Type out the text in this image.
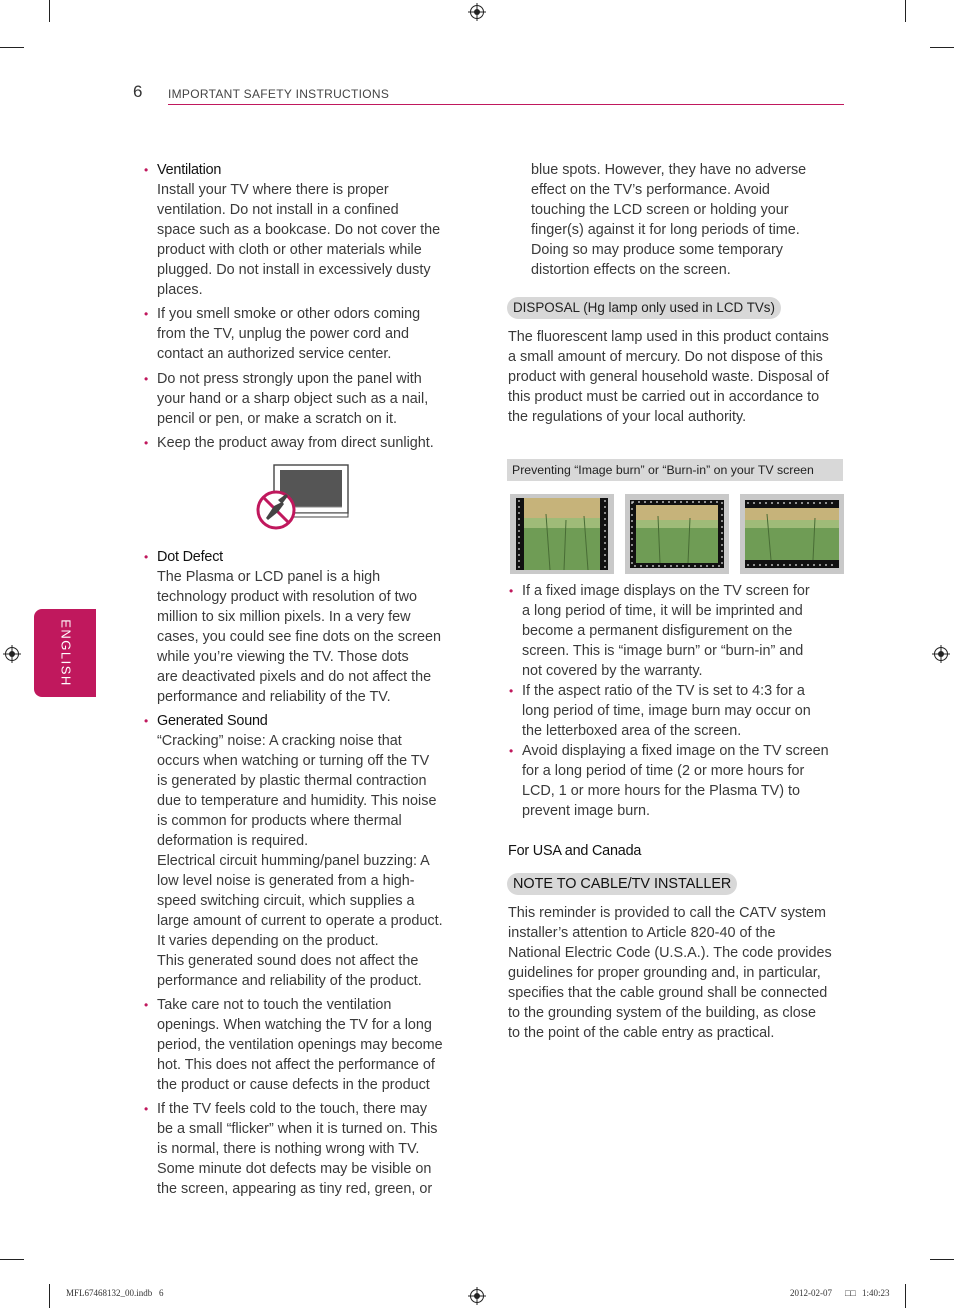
6 IMPORTANT SAFETY INSTRUCTIONS
ENGLISH
• Ventilation
Install your TV where there is proper
ventilation. Do not install in a confined
space such as a bookcase. Do not cover the
product with cloth or other materials while
plugged. Do not install in excessively dusty
places.
• If you smell smoke or other odors coming
from the TV, unplug the power cord and
contact an authorized service center.
• Do not press strongly upon the panel with
your hand or a sharp object such as a nail,
pencil or pen, or make a scratch on it.
• Keep the product away from direct sunlight.
• Dot Defect
The Plasma or LCD panel is a high
technology product with resolution of two
million to six million pixels. In a very few
cases, you could see fine dots on the screen
while you’re viewing the TV. Those dots
are deactivated pixels and do not affect the
performance and reliability of the TV.
• Generated Sound
“Cracking” noise: A cracking noise that
occurs when watching or turning off the TV
is generated by plastic thermal contraction
due to temperature and humidity. This noise
is common for products where thermal
deformation is required.
Electrical circuit humming/panel buzzing: A
low level noise is generated from a high-
speed switching circuit, which supplies a
large amount of current to operate a product.
It varies depending on the product.
This generated sound does not affect the
performance and reliability of the product.
• Take care not to touch the ventilation
openings. When watching the TV for a long
period, the ventilation openings may become
hot. This does not affect the performance of
the product or cause defects in the product
• If the TV feels cold to the touch, there may
be a small “flicker” when it is turned on. This
is normal, there is nothing wrong with TV.
Some minute dot defects may be visible on
the screen, appearing as tiny red, green, or
blue spots. However, they have no adverse
effect on the TV’s performance. Avoid
touching the LCD screen or holding your
finger(s) against it for long periods of time.
Doing so may produce some temporary
distortion effects on the screen.
DISPOSAL (Hg lamp only used in LCD TVs)
The fluorescent lamp used in this product contains
a small amount of mercury. Do not dispose of this
product with general household waste. Disposal of
this product must be carried out in accordance to
the regulations of your local authority.
Preventing “Image burn” or “Burn-in” on your TV screen
• If a fixed image displays on the TV screen for
a long period of time, it will be imprinted and
become a permanent disfigurement on the
screen. This is “image burn” or “burn-in” and
not covered by the warranty.
• If the aspect ratio of the TV is set to 4:3 for a
long period of time, image burn may occur on
the letterboxed area of the screen.
• Avoid displaying a fixed image on the TV screen
for a long period of time (2 or more hours for
LCD, 1 or more hours for the Plasma TV) to
prevent image burn.
For USA and Canada
NOTE TO CABLE/TV INSTALLER
This reminder is provided to call the CATV system
installer’s attention to Article 820-40 of the
National Electric Code (U.S.A.). The code provides
guidelines for proper grounding and, in particular,
specifies that the cable ground shall be connected
to the grounding system of the building, as close
to the point of the cable entry as practical.
MFL67468132_00.indb   6	2012-02-07 □□ 1:40:23
